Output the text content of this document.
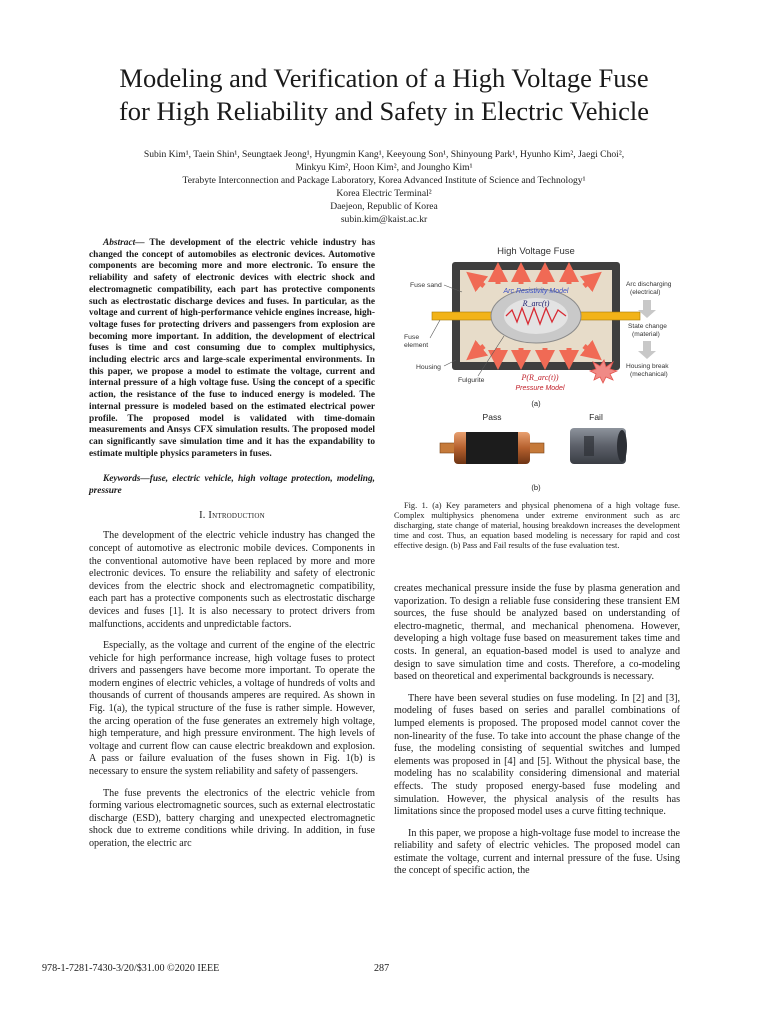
Modeling and Verification of a High Voltage Fuse
for High Reliability and Safety in Electric Vehicle
Subin Kim¹, Taein Shin¹, Seungtaek Jeong¹, Hyungmin Kang¹, Keeyoung Son¹, Shinyoung Park¹, Hyunho Kim², Jaegi Choi²,
Minkyu Kim², Hoon Kim², and Joungho Kim¹
Terabyte Interconnection and Package Laboratory, Korea Advanced Institute of Science and Technology¹
Korea Electric Terminal²
Daejeon, Republic of Korea
subin.kim@kaist.ac.kr

Abstract— The development of the electric vehicle industry has changed the concept of automobiles as electronic devices. Automotive components are becoming more and more electronic. To ensure the reliability and safety of electronic devices with electric shock and electromagnetic compatibility, each part has protective components such as electrostatic discharge devices and fuses. In particular, as the voltage and current of high-performance vehicle engines increase, high-voltage fuses for protecting drivers and passengers from explosion are becoming more important. In addition, the development of electrical fuses is time and cost consuming due to complex multiphysics, including electric arcs and large-scale experimental environments. In this paper, we propose a model to estimate the voltage, current and internal pressure of a high voltage fuse. Using the concept of a specific action, the resistance of the fuse to induced energy is modeled. The internal pressure is modeled based on the estimated electrical power profile. The proposed model is validated with time-domain measurements and Ansys CFX simulation results. The proposed model can significantly save simulation time and it has the expandability to estimate multiple physics parameters in fuses.

Keywords—fuse, electric vehicle, high voltage protection, modeling, pressure

I. Introduction

The development of the electric vehicle industry has changed the concept of automotive as electronic mobile devices. Components in the conventional automotive have been replaced by more and more electronic devices. To ensure the reliability and safety of electronic devices from the electric shock and electromagnetic compatibility, each part has a protective components such as electrostatic discharge devices and fuses [1]. It is also necessary to protect drivers from malfunctions, accidents and unpredictable factors.

Especially, as the voltage and current of the engine of the electric vehicle for high performance increase, high voltage fuses to protect drivers and passengers have become more important. To operate the modern engines of electric vehicles, a voltage of hundreds of volts and thousands of current of thousands amperes are required. As shown in Fig. 1(a), the typical structure of the fuse is rather simple. However, the arcing operation of the fuse generates an extremely high voltage, high temperature, and high pressure environment. The high levels of voltage and current flow can cause electric breakdown and explosion. A pass or failure evaluation of the fuses shown in Fig. 1(b) is necessary to ensure the system reliability and safety of passengers.

The fuse prevents the electronics of the electric vehicle from forming various electromagnetic sources, such as external electrostatic discharge (ESD), battery charging and unexpected electromagnetic shock due to extreme conditions while driving. In addition, in fuse operation, the electric arc

High Voltage Fuse
Arc Resistivity Model
R_arc(t)
P(R_arc(t))
Pressure Model
Fuse sand
Fuse
element
Housing
Fulgurite
Arc discharging
(electrical)
State change
(material)
Housing break
(mechanical)
(a)
Pass	Fail
(b)
Fig. 1. (a) Key parameters and physical phenomena of a high voltage fuse. Complex multiphysics phenomena under extreme environment such as arc discharging, state change of material, housing breakdown increases the development time and cost. Thus, an equation based modeling is necessary for rapid and cost effective design. (b) Pass and Fail results of the fuse evaluation test.

creates mechanical pressure inside the fuse by plasma generation and vaporization. To design a reliable fuse considering these transient EM sources, the fuse should be analyzed based on understanding of electro-magnetic, thermal, and mechanical phenomena. However, developing a high voltage fuse based on measurement takes time and costs. In general, an equation-based model is used to analyze and design to save simulation time and costs. Therefore, a co-modeling based on theoretical and experimental backgrounds is necessary.

There have been several studies on fuse modeling. In [2] and [3], modeling of fuses based on series and parallel combinations of lumped elements is proposed. The proposed model cannot cover the non-linearity of the fuse. To take into account the phase change of the fuse, the modeling consisting of sequential switches and lumped elements was proposed in [4] and [5]. Without the physical base, the modeling has no scalability considering dimensional and material effects. The study proposed energy-based fuse modeling and simulation. However, the physical analysis of the results has limitations since the proposed model uses a curve fitting technique.

In this paper, we propose a high-voltage fuse model to increase the reliability and safety of electric vehicles. The proposed model can estimate the voltage, current and internal pressure of the fuse. Using the concept of specific action, the

978-1-7281-7430-3/20/$31.00 ©2020 IEEE	287
